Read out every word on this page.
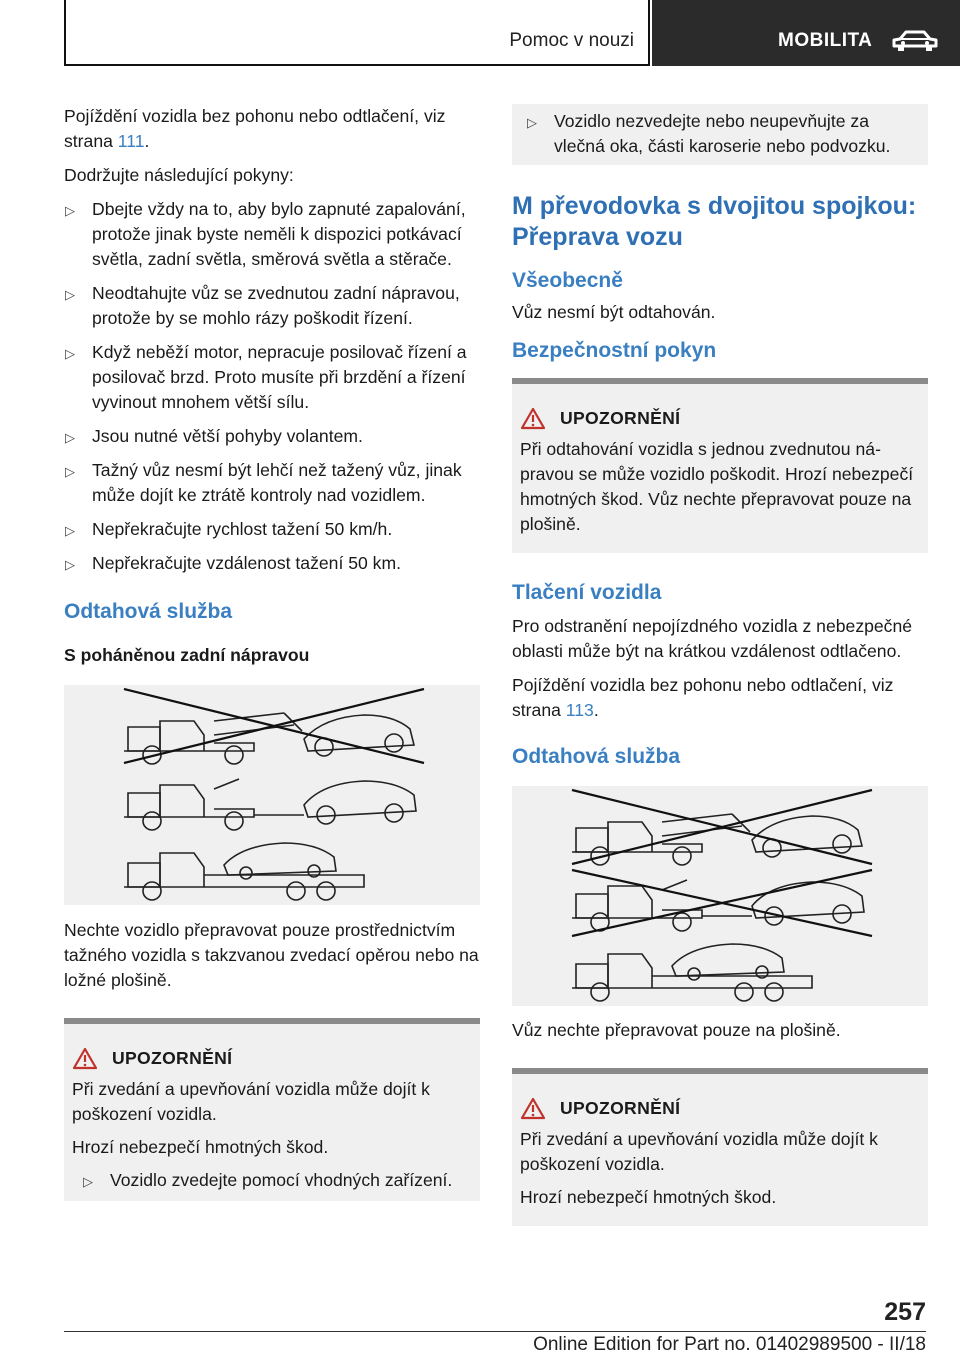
Pomoc v nouzi	MOBILITA

Pojíždění vozidla bez pohonu nebo odtlačení, viz strana 111.

Dodržujte následující pokyny:

▷ Dbejte vždy na to, aby bylo zapnuté zapalování, protože jinak byste neměli k dispozici potkávací světla, zadní světla, směrová světla a stěrače.
▷ Neodtahujte vůz se zvednutou zadní nápravou, protože by se mohlo rázy poškodit řízení.
▷ Když neběží motor, nepracuje posilovač řízení a posilovač brzd. Proto musíte při brzdění a řízení vyvinout mnohem větší sílu.
▷ Jsou nutné větší pohyby volantem.
▷ Tažný vůz nesmí být lehčí než tažený vůz, jinak může dojít ke ztrátě kontroly nad vozidlem.
▷ Nepřekračujte rychlost tažení 50 km/h.
▷ Nepřekračujte vzdálenost tažení 50 km.
Odtahová služba
S poháněnou zadní nápravou

Nechte vozidlo přepravovat pouze prostřednictvím tažného vozidla s takzvanou zvedací opěrou nebo na ložné plošině.

UPOZORNĚNÍ

Při zvedání a upevňování vozidla může dojít k poškození vozidla.

Hrozí nebezpečí hmotných škod.

▷ Vozidlo zvedejte pomocí vhodných zařízení.
▷ Vozidlo nezvedejte nebo neupevňujte za vlečná oka, části karoserie nebo podvozku.
M převodovka s dvojitou spojkou: Přeprava vozu
Všeobecně

Vůz nesmí být odtahován.

Bezpečnostní pokyn
UPOZORNĚNÍ

Při odtahování vozidla s jednou zvednutou nápravou se může vozidlo poškodit. Hrozí nebezpečí hmotných škod. Vůz nechte přepravovat pouze na plošině.

Tlačení vozidla

Pro odstranění nepojízdného vozidla z nebezpečné oblasti může být na krátkou vzdálenost odtlačeno.

Pojíždění vozidla bez pohonu nebo odtlačení, viz strana 113.

Odtahová služba

Vůz nechte přepravovat pouze na plošině.

UPOZORNĚNÍ

Při zvedání a upevňování vozidla může dojít k poškození vozidla.

Hrozí nebezpečí hmotných škod.

257
Online Edition for Part no. 01402989500 - II/18
